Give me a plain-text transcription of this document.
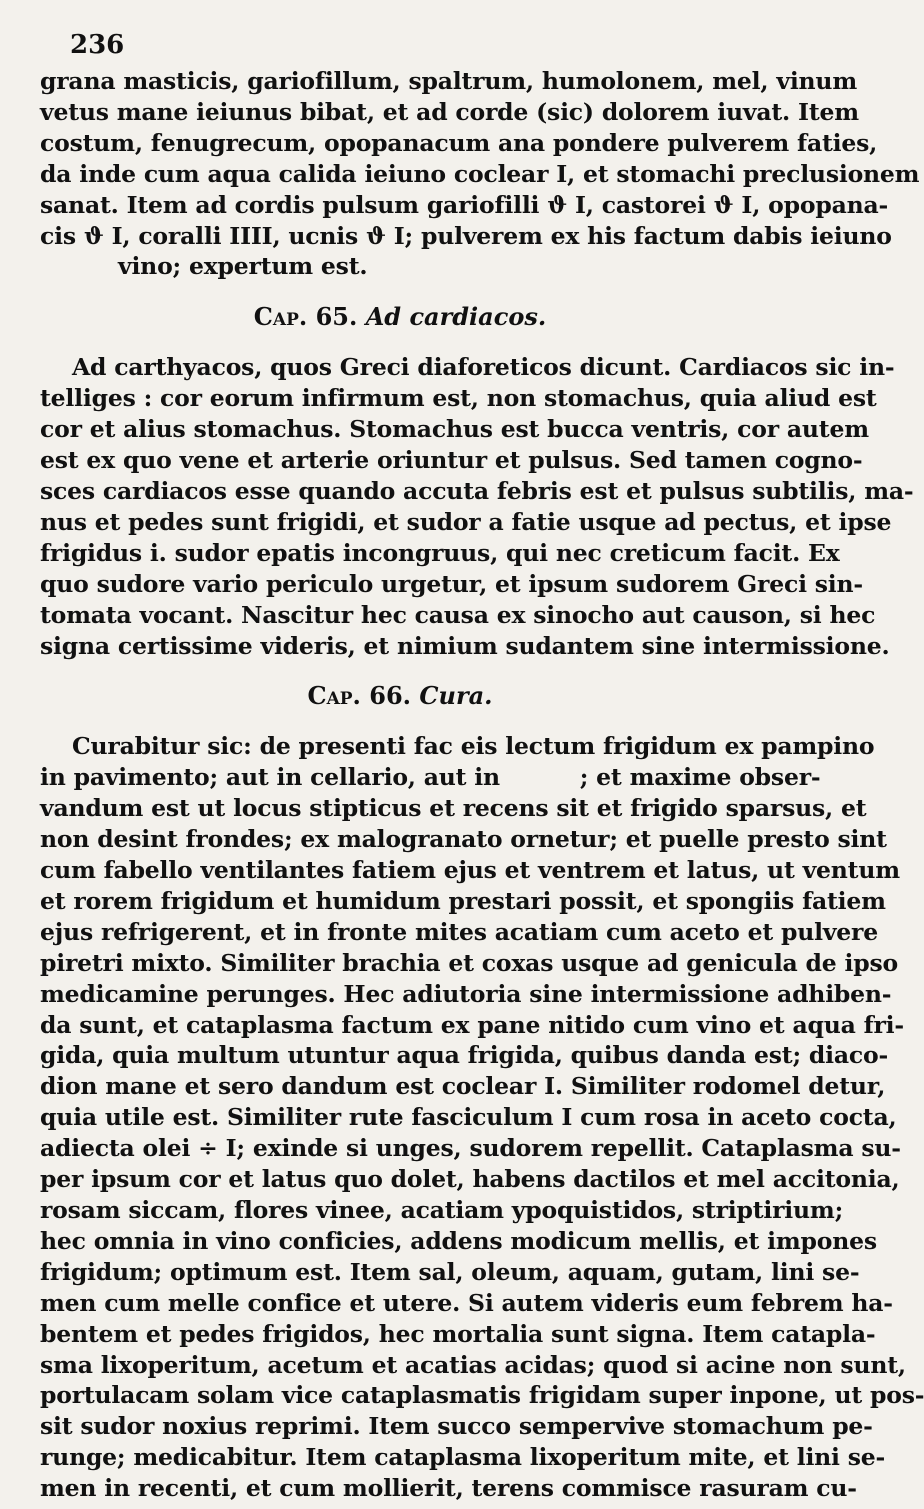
236
grana masticis, gariofillum, spaltrum, humolonem, mel, vinum
vetus mane ieiunus bibat, et ad corde (sic) dolorem iuvat. Item
costum, fenugrecum, opopanacum ana pondere pulverem faties,
da inde cum aqua calida ieiuno coclear I, et stomachi preclusionem
sanat. Item ad cordis pulsum gariofilli ϑ I, castorei ϑ I, opopana-
cis ϑ I, coralli IIII, ucnis ϑ I; pulverem ex his factum dabis ieiuno
vino; expertum est.
Cap. 65. Ad cardiacos.
Ad carthyacos, quos Greci diaforeticos dicunt. Cardiacos sic in-
telliges : cor eorum infirmum est, non stomachus, quia aliud est
cor et alius stomachus. Stomachus est bucca ventris, cor autem
est ex quo vene et arterie oriuntur et pulsus. Sed tamen cogno-
sces cardiacos esse quando accuta febris est et pulsus subtilis, ma-
nus et pedes sunt frigidi, et sudor a fatie usque ad pectus, et ipse
frigidus i. sudor epatis incongruus, qui nec creticum facit. Ex
quo sudore vario periculo urgetur, et ipsum sudorem Greci sin-
tomata vocant. Nascitur hec causa ex sinocho aut causon, si hec
signa certissime videris, et nimium sudantem sine intermissione.
Cap. 66. Cura.
Curabitur sic: de presenti fac eis lectum frigidum ex pampino
in pavimento; aut in cellario, aut in          ; et maxime obser-
vandum est ut locus stipticus et recens sit et frigido sparsus, et
non desint frondes; ex malogranato ornetur; et puelle presto sint
cum fabello ventilantes fatiem ejus et ventrem et latus, ut ventum
et rorem frigidum et humidum prestari possit, et spongiis fatiem
ejus refrigerent, et in fronte mites acatiam cum aceto et pulvere
piretri mixto. Similiter brachia et coxas usque ad genicula de ipso
medicamine perunges. Hec adiutoria sine intermissione adhiben-
da sunt, et cataplasma factum ex pane nitido cum vino et aqua fri-
gida, quia multum utuntur aqua frigida, quibus danda est; diaco-
dion mane et sero dandum est coclear I. Similiter rodomel detur,
quia utile est. Similiter rute fasciculum I cum rosa in aceto cocta,
adiecta olei ÷ I; exinde si unges, sudorem repellit. Cataplasma su-
per ipsum cor et latus quo dolet, habens dactilos et mel accitonia,
rosam siccam, flores vinee, acatiam ypoquistidos, striptirium;
hec omnia in vino conficies, addens modicum mellis, et impones
frigidum; optimum est. Item sal, oleum, aquam, gutam, lini se-
men cum melle confice et utere. Si autem videris eum febrem ha-
bentem et pedes frigidos, hec mortalia sunt signa. Item catapla-
sma lixoperitum, acetum et acatias acidas; quod si acine non sunt,
portulacam solam vice cataplasmatis frigidam super inpone, ut pos-
sit sudor noxius reprimi. Item succo sempervive stomachum pe-
runge; medicabitur. Item cataplasma lixoperitum mite, et lini se-
men in recenti, et cum mollierit, terens commisce rasuram cu-
